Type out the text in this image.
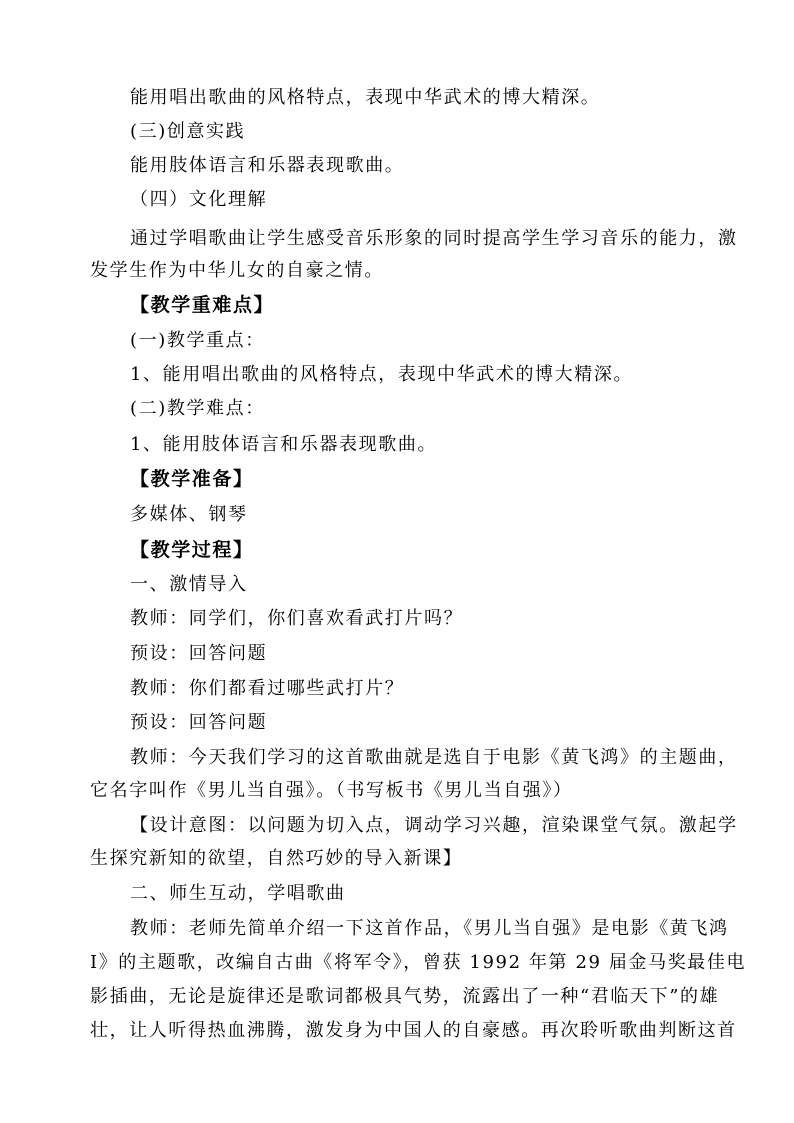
能用唱出歌曲的风格特点，表现中华武术的博大精深。
(三)创意实践
能用肢体语言和乐器表现歌曲。
（四）文化理解
通过学唱歌曲让学生感受音乐形象的同时提高学生学习音乐的能力，激
发学生作为中华儿女的自豪之情。
【教学重难点】
(一)教学重点：
1、能用唱出歌曲的风格特点，表现中华武术的博大精深。
(二)教学难点：
1、能用肢体语言和乐器表现歌曲。
【教学准备】
多媒体、钢琴
【教学过程】
一、激情导入
教师：同学们，你们喜欢看武打片吗？
预设：回答问题
教师：你们都看过哪些武打片？
预设：回答问题
教师：今天我们学习的这首歌曲就是选自于电影《黄飞鸿》的主题曲，
它名字叫作《男儿当自强》。（书写板书《男儿当自强》）
【设计意图：以问题为切入点，调动学习兴趣，渲染课堂气氛。激起学
生探究新知的欲望，自然巧妙的导入新课】
二、师生互动，学唱歌曲
教师：老师先简单介绍一下这首作品，《男儿当自强》是电影《黄飞鸿
I》的主题歌，改编自古曲《将军令》，曾获 1992 年第 29 届金马奖最佳电
影插曲，无论是旋律还是歌词都极具气势，流露出了一种“君临天下”的雄
壮，让人听得热血沸腾，激发身为中国人的自豪感。再次聆听歌曲判断这首
